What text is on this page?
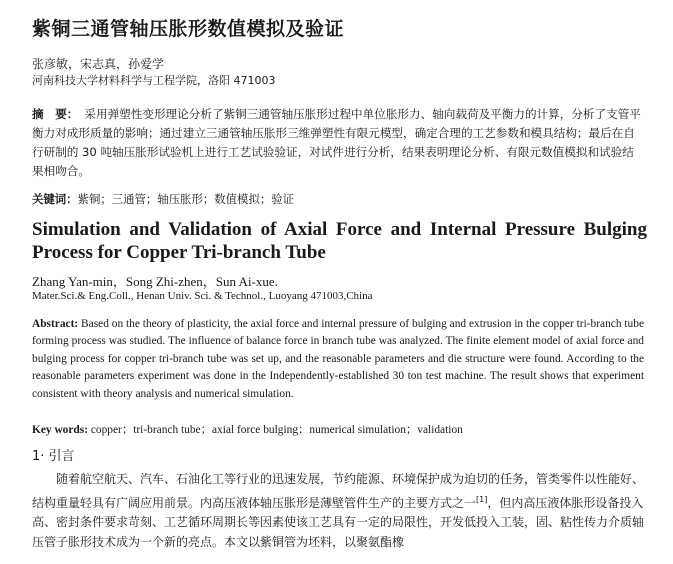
紫铜三通管轴压胀形数值模拟及验证
张彦敏，宋志真，孙爱学
河南科技大学材料科学与工程学院，洛阳 471003
摘　要： 采用弹塑性变形理论分析了紫铜三通管轴压胀形过程中单位胀形力、轴向载荷及平衡力的计算，分析了支管平衡力对成形质量的影响；通过建立三通管轴压胀形三维弹塑性有限元模型，确定合理的工艺参数和模具结构；最后在自行研制的 30 吨轴压胀形试验机上进行工艺试验验证，对试件进行分析，结果表明理论分析、有限元数值模拟和试验结果相吻合。
关键词：紫铜；三通管；轴压胀形；数值模拟；验证
Simulation and Validation of Axial Force and Internal Pressure Bulging Process for Copper Tri-branch Tube
Zhang Yan-min，Song Zhi-zhen，Sun Ai-xue.
Mater.Sci.& Eng.Coll., Henan Univ. Sci. & Technol., Luoyang 471003,China
Abstract: Based on the theory of plasticity, the axial force and internal pressure of bulging and extrusion in the copper tri-branch tube forming process was studied. The influence of balance force in branch tube was analyzed. The finite element model of axial force and bulging process for copper tri-branch tube was set up, and the reasonable parameters and die structure were found. According to the reasonable parameters experiment was done in the Independently-established 30 ton test machine. The result shows that experiment consistent with theory analysis and numerical simulation.
Key words: copper；tri-branch tube；axial force bulging；numerical simulation；validation
1· 引言

随着航空航天、汽车、石油化工等行业的迅速发展，节约能源、环境保护成为迫切的任务，管类零件以性能好、结构重量轻具有广阔应用前景。内高压液体轴压胀形是薄壁管件生产的主要方式之一[1]，但内高压液体胀形设备投入高、密封条件要求苛刻、工艺循环周期长等因素使该工艺具有一定的局限性，开发低投入工装，固、粘性传力介质轴压管子胀形技术成为一个新的亮点。本文以紫铜管为坯料，以聚氨酯橡
